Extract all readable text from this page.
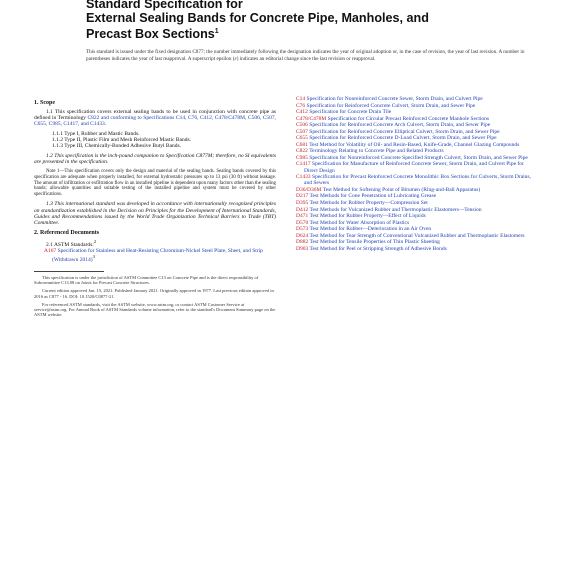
Standard Specification for
External Sealing Bands for Concrete Pipe, Manholes, and
Precast Box Sections$^1$
This standard is issued under the fixed designation C877; the number immediately following the designation indicates the year of original adoption or, in the case of revision, the year of last revision. A number in parentheses indicates the year of last reapproval. A superscript epsilon (ε) indicates an editorial change since the last revision or reapproval.
1. Scope
1.1 This specification covers external sealing bands to be used in conjunction with concrete pipe as defined in Terminology C822 and conforming to Specifications C14, C76, C412, C478/C478M, C506, C507, C655, C985, C1417, and C1433.
1.1.1 Type I, Rubber and Mastic Bands.
1.1.2 Type II, Plastic Film and Mesh Reinforced Mastic Bands.
1.1.3 Type III, Chemically-Bonded Adhesive Butyl Bands.
1.2 This specification is the inch-pound companion to Specification C877M; therefore, no SI equivalents are presented in the specification.
Note 1—This specification covers only the design and material of the sealing bands. Sealing bands covered by this specification are adequate when properly installed, for external hydrostatic pressures up to 13 psi (30 ft) without leakage. The amount of infiltration or exfiltration flow in an installed pipeline is dependent upon many factors other than the sealing bands; allowable quantities and suitable testing of the installed pipeline and system must be covered by other specifications.
1.3 This international standard was developed in accordance with internationally recognized principles on standardization established in the Decision on Principles for the Development of International Standards, Guides and Recommendations issued by the World Trade Organization Technical Barriers to Trade (TBT) Committee.
2. Referenced Documents
2.1 ASTM Standards:$^2$
A167 Specification for Stainless and Heat-Resisting Chromium-Nickel Steel Plate, Sheet, and Strip (Withdrawn 2014)$^3$
This specification is under the jurisdiction of ASTM Committee C13 on Concrete Pipe and is the direct responsibility of Subcommittee C13.08 on Joints for Precast Concrete Structures.
Current edition approved Jan. 15, 2021. Published January 2021. Originally approved in 1977. Last previous edition approved in 2016 as C877 - 16. DOI: 10.1520/C0877-21.
For referenced ASTM standards, visit the ASTM website, www.astm.org, or contact ASTM Customer Service at service@astm.org. For Annual Book of ASTM Standards volume information, refer to the standard's Document Summary page on the ASTM website.
C14 Specification for Nonreinforced Concrete Sewer, Storm Drain, and Culvert Pipe
C76 Specification for Reinforced Concrete Culvert, Storm Drain, and Sewer Pipe
C412 Specification for Concrete Drain Tile
C478/C478M Specification for Circular Precast Reinforced Concrete Manhole Sections
C506 Specification for Reinforced Concrete Arch Culvert, Storm Drain, and Sewer Pipe
C507 Specification for Reinforced Concrete Elliptical Culvert, Storm Drain, and Sewer Pipe
C655 Specification for Reinforced Concrete D-Load Culvert, Storm Drain, and Sewer Pipe
C681 Test Method for Volatility of Oil- and Resin-Based, Knife-Grade, Channel Glazing Compounds
C822 Terminology Relating to Concrete Pipe and Related Products
C985 Specification for Nonreinforced Concrete Specified Strength Culvert, Storm Drain, and Sewer Pipe
C1417 Specification for Manufacture of Reinforced Concrete Sewer, Storm Drain, and Culvert Pipe for Direct Design
C1433 Specification for Precast Reinforced Concrete Monolithic Box Sections for Culverts, Storm Drains, and Sewers
D36/D36M Test Method for Softening Point of Bitumen (Ring-and-Ball Apparatus)
D217 Test Methods for Cone Penetration of Lubricating Grease
D395 Test Methods for Rubber Property—Compression Set
D412 Test Methods for Vulcanized Rubber and Thermoplastic Elastomers—Tension
D471 Test Method for Rubber Property—Effect of Liquids
D570 Test Method for Water Absorption of Plastics
D573 Test Method for Rubber—Deterioration in an Air Oven
D624 Test Method for Tear Strength of Conventional Vulcanized Rubber and Thermoplastic Elastomers
D882 Test Method for Tensile Properties of Thin Plastic Sheeting
D903 Test Method for Peel or Stripping Strength of Adhesive Bonds
